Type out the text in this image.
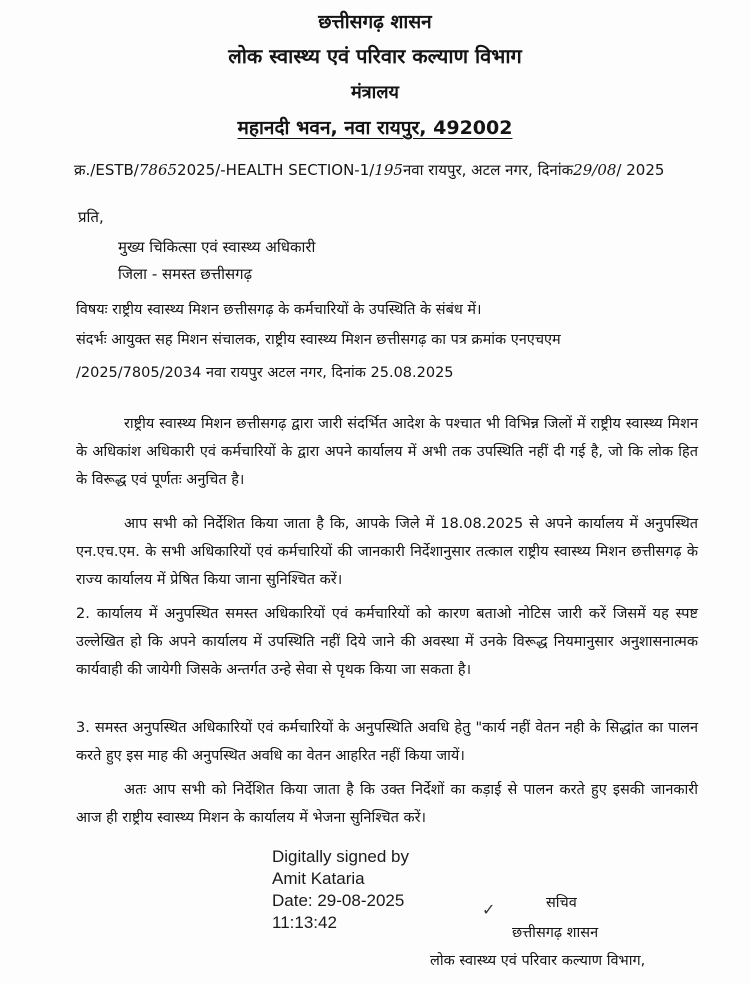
छत्तीसगढ़ शासन
लोक स्वास्थ्य एवं परिवार कल्याण विभाग
मंत्रालय
महानदी भवन, नवा रायपुर, 492002
क्र./ESTB/78652025/-HEALTH SECTION-1/195नवा रायपुर, अटल नगर, दिनांक29/08/ 2025
प्रति,
मुख्य चिकित्सा एवं स्वास्थ्य अधिकारी
जिला - समस्त छत्तीसगढ़
विषयः राष्ट्रीय स्वास्थ्य मिशन छत्तीसगढ़ के कर्मचारियों के उपस्थिति के संबंध में।
संदर्भः आयुक्त सह मिशन संचालक, राष्ट्रीय स्वास्थ्य मिशन छत्तीसगढ़ का पत्र क्रमांक एनएचएम
/2025/7805/2034 नवा रायपुर अटल नगर, दिनांक 25.08.2025
राष्ट्रीय स्वास्थ्य मिशन छत्तीसगढ़ द्वारा जारी संदर्भित आदेश के पश्चात भी विभिन्न जिलों में राष्ट्रीय स्वास्थ्य मिशन के अधिकांश अधिकारी एवं कर्मचारियों के द्वारा अपने कार्यालय में अभी तक उपस्थिति नहीं दी गई है, जो कि लोक हित के विरूद्ध एवं पूर्णतः अनुचित है।
आप सभी को निर्देशित किया जाता है कि, आपके जिले में 18.08.2025 से अपने कार्यालय में अनुपस्थित एन.एच.एम. के सभी अधिकारियों एवं कर्मचारियों की जानकारी निर्देशानुसार तत्काल राष्ट्रीय स्वास्थ्य मिशन छत्तीसगढ़ के राज्य कार्यालय में प्रेषित किया जाना सुनिश्चित करें।
2. कार्यालय में अनुपस्थित समस्त अधिकारियों एवं कर्मचारियों को कारण बताओ नोटिस जारी करें जिसमें यह स्पष्ट उल्लेखित हो कि अपने कार्यालय में उपस्थिति नहीं दिये जाने की अवस्था में उनके विरूद्ध नियमानुसार अनुशासनात्मक कार्यवाही की जायेगी जिसके अन्तर्गत उन्हे सेवा से पृथक किया जा सकता है।
3. समस्त अनुपस्थित अधिकारियों एवं कर्मचारियों के अनुपस्थिति अवधि हेतु "कार्य नहीं वेतन नही के सिद्धांत का पालन करते हुए इस माह की अनुपस्थित अवधि का वेतन आहरित नहीं किया जायें।
अतः आप सभी को निर्देशित किया जाता है कि उक्त निर्देशों का कड़ाई से पालन करते हुए इसकी जानकारी आज ही राष्ट्रीय स्वास्थ्य मिशन के कार्यालय में भेजना सुनिश्चित करें।
Digitally signed by
Amit Kataria
Date: 29-08-2025
11:13:42
✓	सचिव
छत्तीसगढ़ शासन
लोक स्वास्थ्य एवं परिवार कल्याण विभाग,
